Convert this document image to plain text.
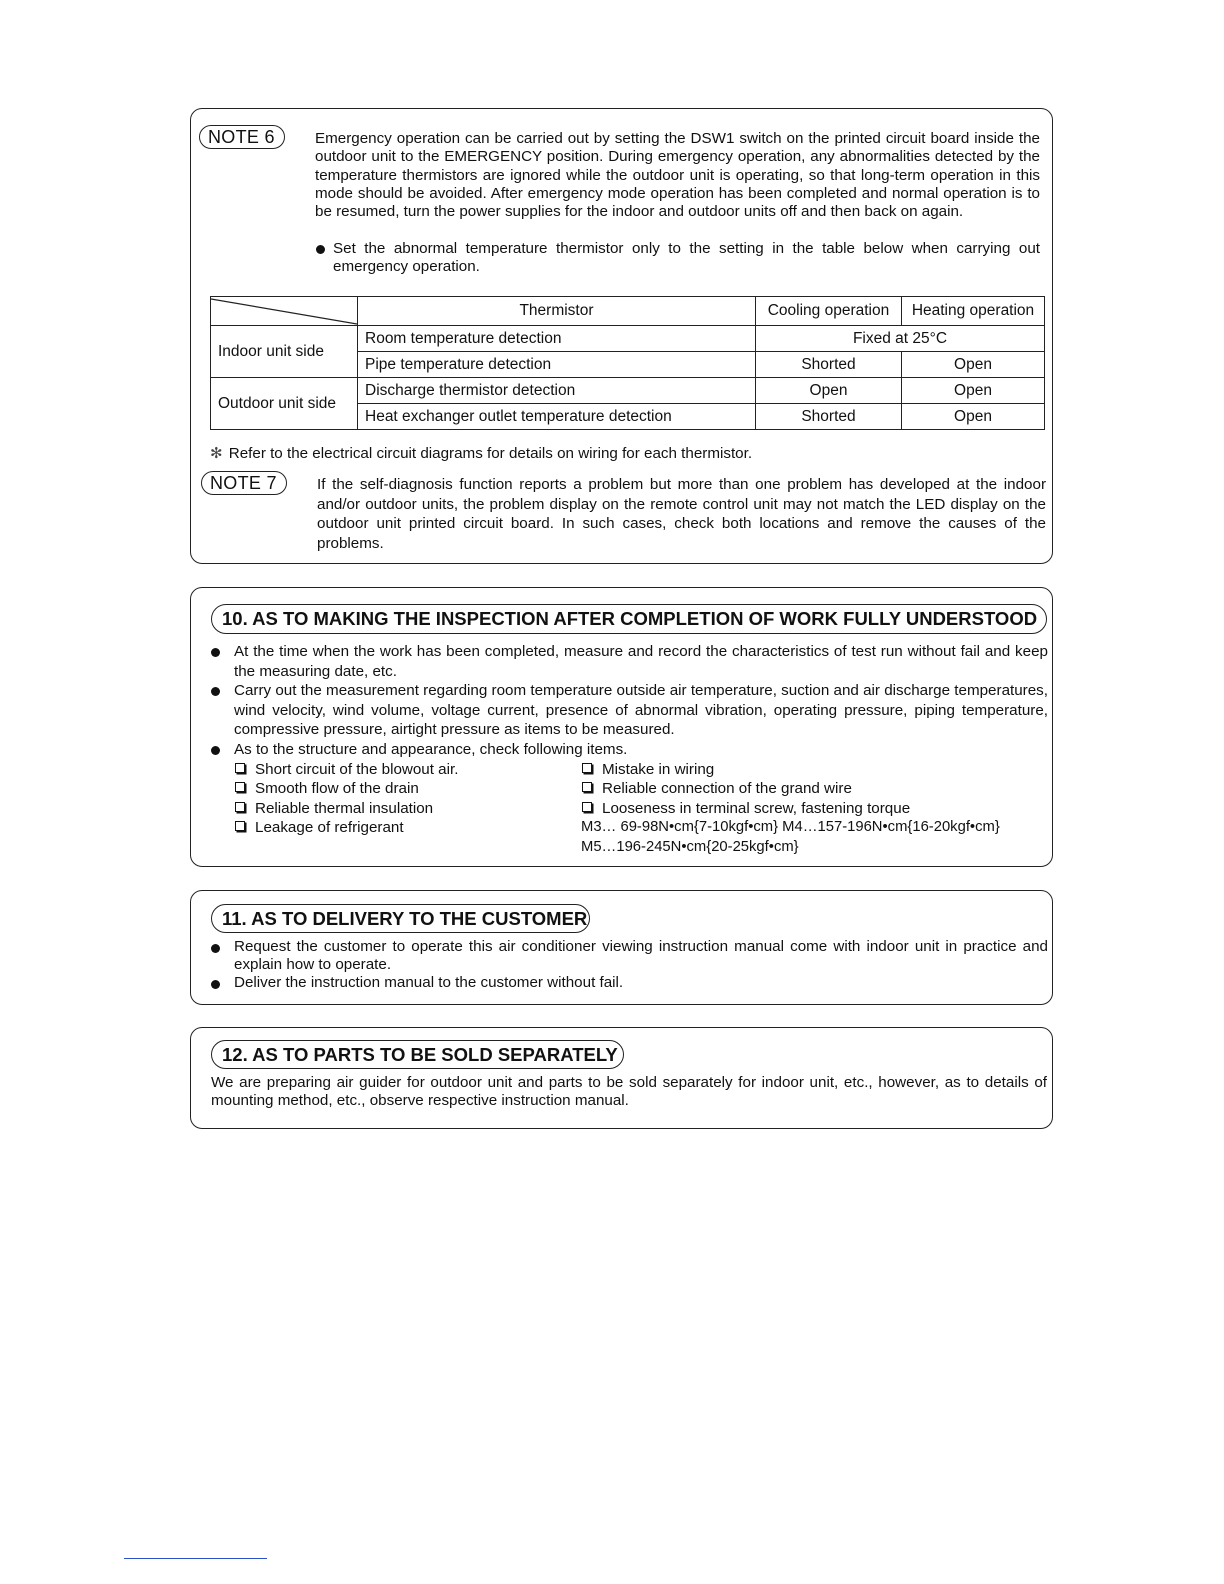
NOTE 6	Emergency operation can be carried out by setting the DSW1 switch on the printed circuit board inside the outdoor unit to the EMERGENCY position. During emergency operation, any abnormalities detected by the temperature thermistors are ignored while the outdoor unit is operating, so that long-term operation in this mode should be avoided. After emergency mode operation has been completed and normal operation is to be resumed, turn the power supplies for the indoor and outdoor units off and then back on again.

Set the abnormal temperature thermistor only to the setting in the table below when carrying out emergency operation.
	Thermistor	Cooling operation	Heating operation
Indoor unit side	Room temperature detection	Fixed at 25°C	
	Pipe temperature detection	Shorted	Open
Outdoor unit side	Discharge thermistor detection	Open	Open
	Heat exchanger outlet temperature detection	Shorted	Open
✻ Refer to the electrical circuit diagrams for details on wiring for each thermistor.
NOTE 7	If the self-diagnosis function reports a problem but more than one problem has developed at the indoor and/or outdoor units, the problem display on the remote control unit may not match the LED display on the outdoor unit printed circuit board. In such cases, check both locations and remove the causes of the problems.

10. AS TO MAKING THE INSPECTION AFTER COMPLETION OF WORK FULLY UNDERSTOOD
At the time when the work has been completed, measure and record the characteristics of test run without fail and keep the measuring date, etc.
Carry out the measurement regarding room temperature outside air temperature, suction and air discharge temperatures, wind velocity, wind volume, voltage current, presence of abnormal vibration, operating pressure, piping temperature, compressive pressure, airtight pressure as items to be measured.
As to the structure and appearance, check following items.
Short circuit of the blowout air.
Smooth flow of the drain
Reliable thermal insulation
Leakage of refrigerant
Mistake in wiring
Reliable connection of the grand wire
Looseness in terminal screw, fastening torque
M3… 69-98N•cm{7-10kgf•cm} M4…157-196N•cm{16-20kgf•cm}
M5…196-245N•cm{20-25kgf•cm}
11. AS TO DELIVERY TO THE CUSTOMER
Request the customer to operate this air conditioner viewing instruction manual come with indoor unit in practice and explain how to operate.
Deliver the instruction manual to the customer without fail.
12. AS TO PARTS TO BE SOLD SEPARATELY

We are preparing air guider for outdoor unit and parts to be sold separately for indoor unit, etc., however, as to details of mounting method, etc., observe respective instruction manual.
